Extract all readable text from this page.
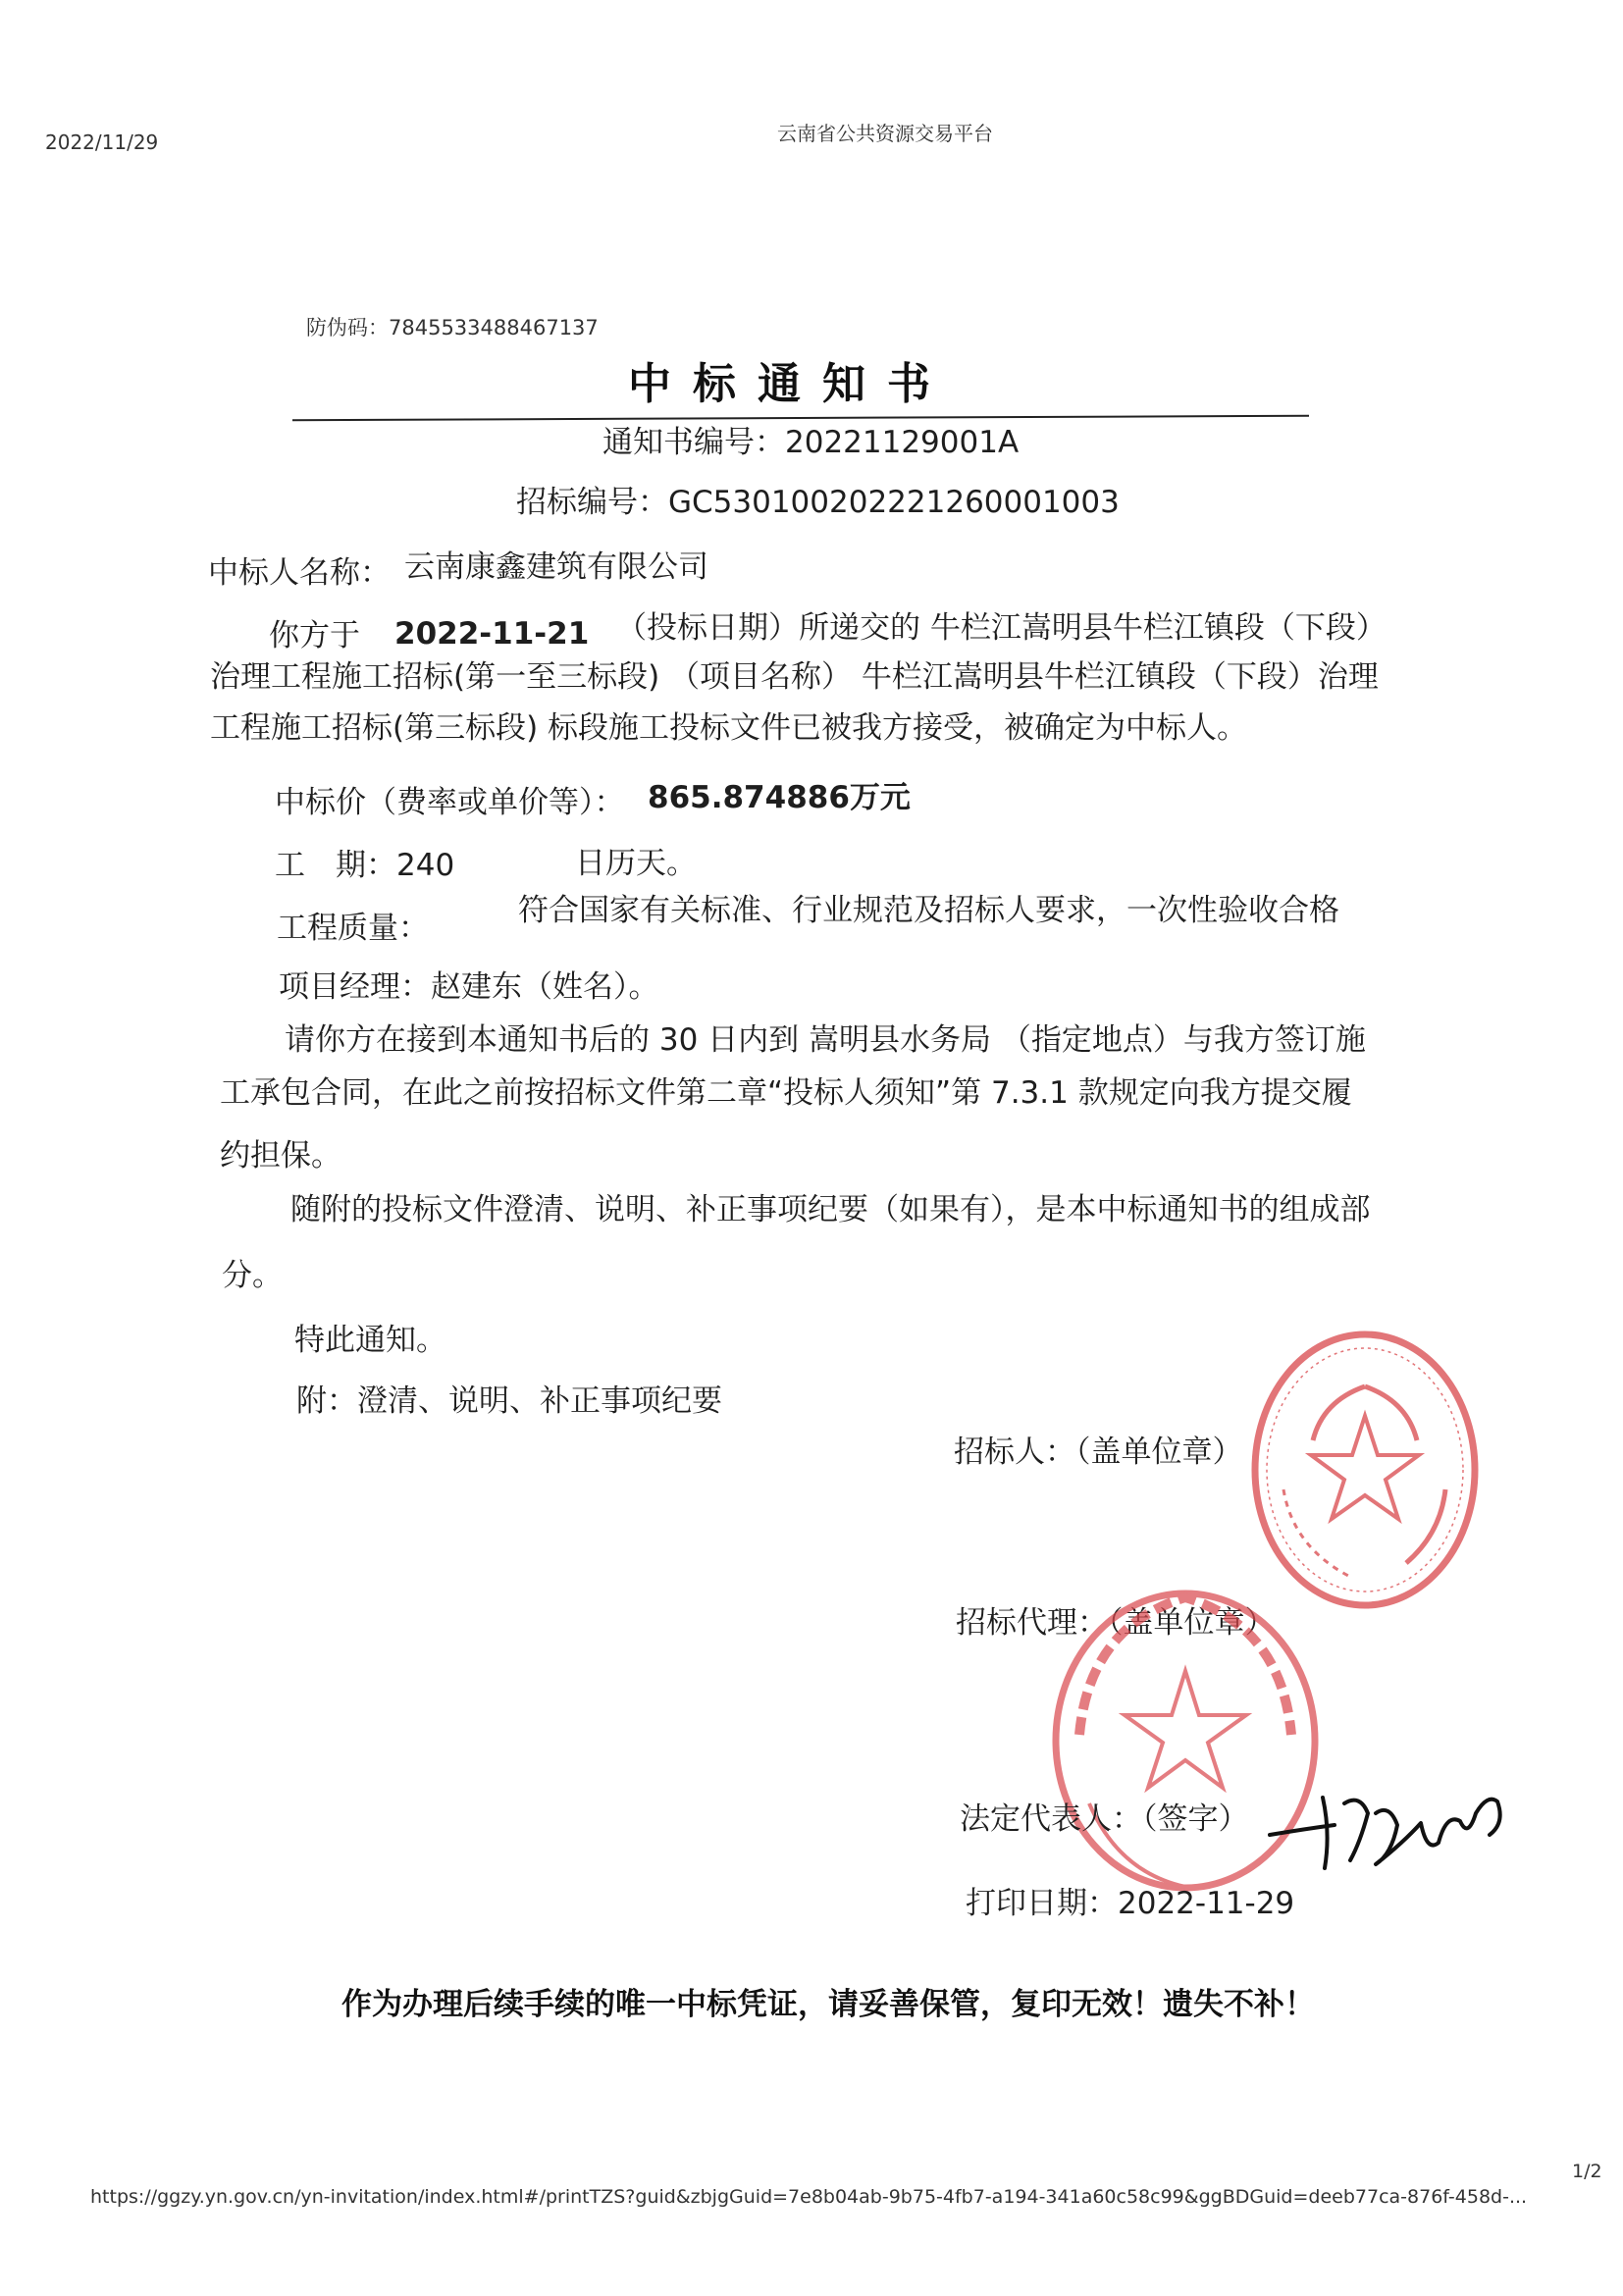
2022/11/29	云南省公共资源交易平台
防伪码：7845533488467137
中标通知书
通知书编号：20221129001A
招标编号：GC530100202221260001003
中标人名称： 云南康鑫建筑有限公司
你方于 2022-11-21 （投标日期）所递交的 牛栏江嵩明县牛栏江镇段（下段）
治理工程施工招标(第一至三标段) （项目名称） 牛栏江嵩明县牛栏江镇段（下段）治理
工程施工招标(第三标段) 标段施工投标文件已被我方接受，被确定为中标人。
中标价（费率或单价等）： 865.874886万元
工　期：240	日历天。
工程质量：	符合国家有关标准、行业规范及招标人要求，一次性验收合格
项目经理：赵建东（姓名）。
请你方在接到本通知书后的 30 日内到 嵩明县水务局 （指定地点）与我方签订施
工承包合同，在此之前按招标文件第二章“投标人须知”第 7.3.1 款规定向我方提交履
约担保。
随附的投标文件澄清、说明、补正事项纪要（如果有），是本中标通知书的组成部
分。
特此通知。
附：澄清、说明、补正事项纪要
招标人：（盖单位章）
招标代理：（盖单位章）
法定代表人：（签字）
打印日期：2022-11-29
作为办理后续手续的唯一中标凭证，请妥善保管，复印无效！遗失不补！
https://ggzy.yn.gov.cn/yn-invitation/index.html#/printTZS?guid&zbjgGuid=7e8b04ab-9b75-4fb7-a194-341a60c58c99&ggBDGuid=deeb77ca-876f-458d-...
1/2
